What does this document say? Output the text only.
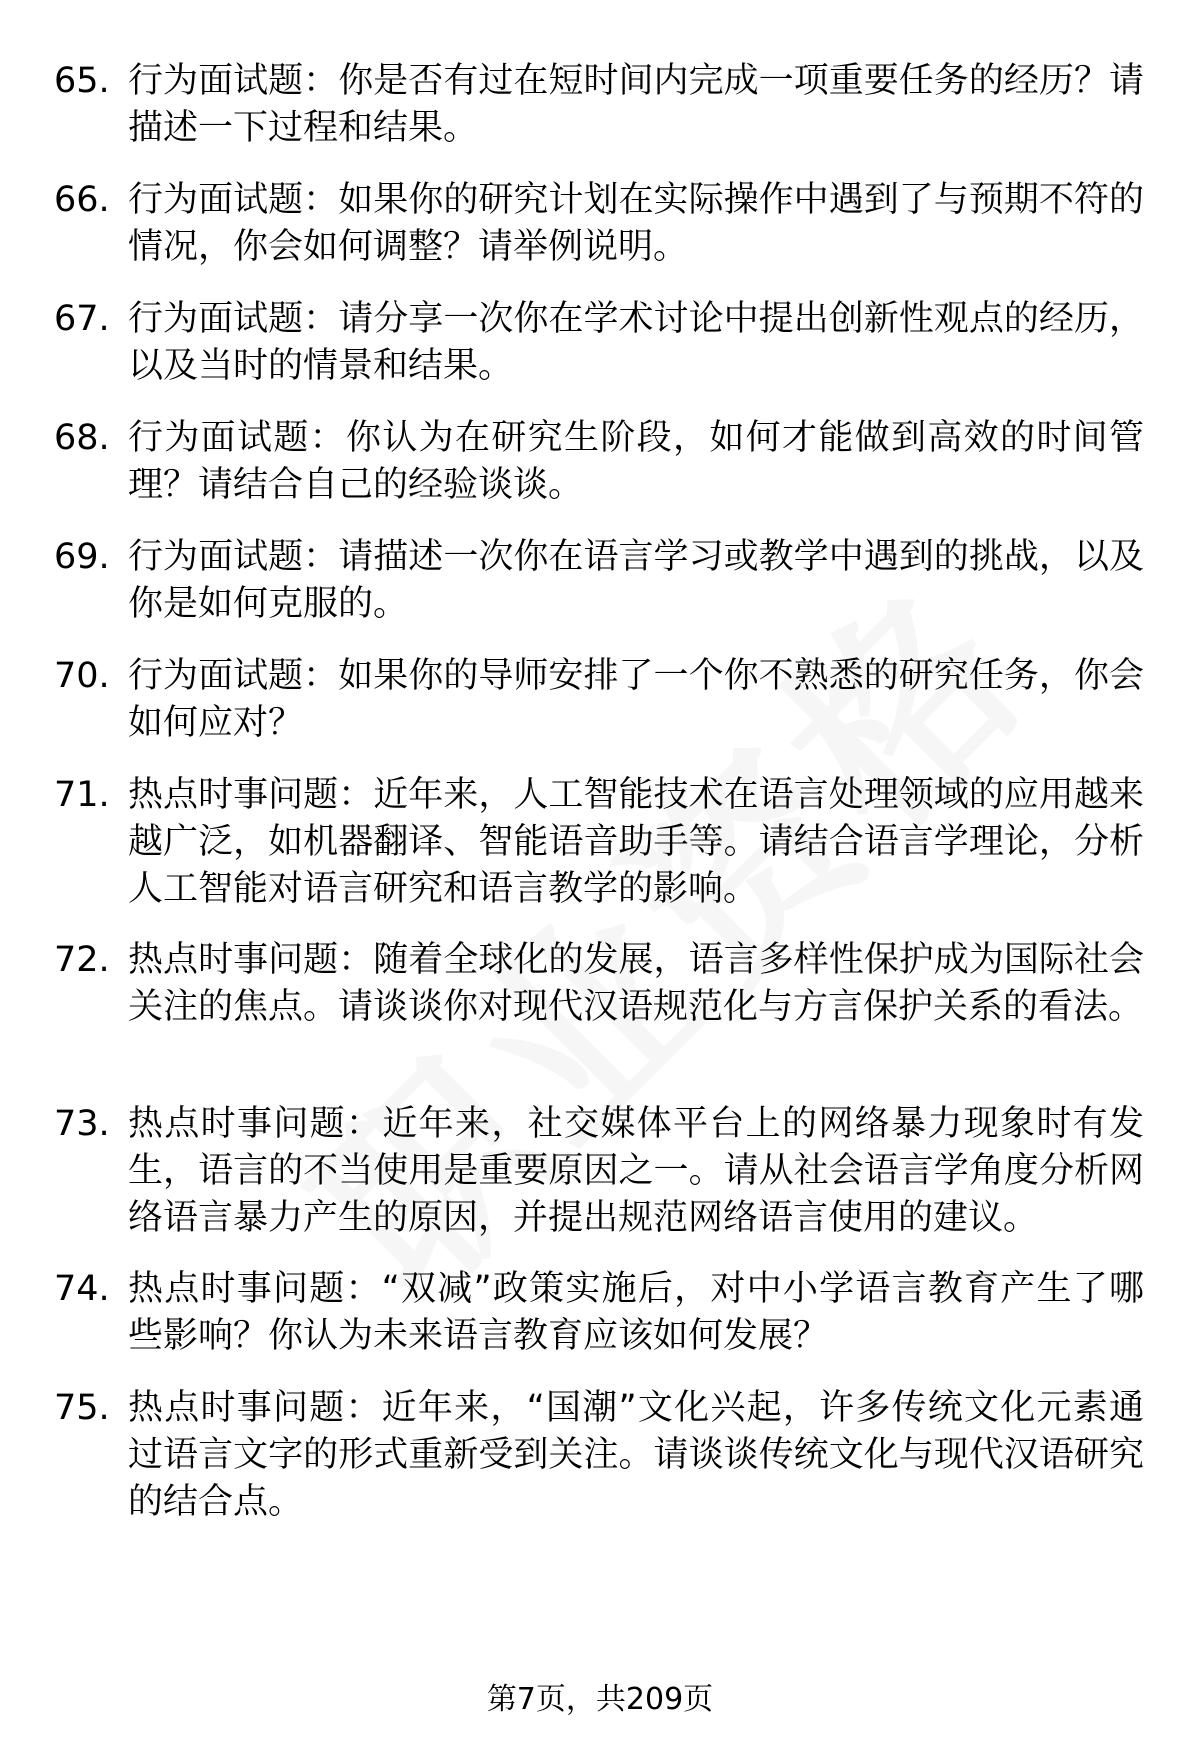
65. 行为面试题：你是否有过在短时间内完成一项重要任务的经历？请描述一下过程和结果。
66. 行为面试题：如果你的研究计划在实际操作中遇到了与预期不符的情况，你会如何调整？请举例说明。
67. 行为面试题：请分享一次你在学术讨论中提出创新性观点的经历，以及当时的情景和结果。
68. 行为面试题：你认为在研究生阶段，如何才能做到高效的时间管理？请结合自己的经验谈谈。
69. 行为面试题：请描述一次你在语言学习或教学中遇到的挑战，以及你是如何克服的。
70. 行为面试题：如果你的导师安排了一个你不熟悉的研究任务，你会如何应对？
71. 热点时事问题：近年来，人工智能技术在语言处理领域的应用越来越广泛，如机器翻译、智能语音助手等。请结合语言学理论，分析人工智能对语言研究和语言教学的影响。
72. 热点时事问题：随着全球化的发展，语言多样性保护成为国际社会关注的焦点。请谈谈你对现代汉语规范化与方言保护关系的看法。
73. 热点时事问题：近年来，社交媒体平台上的网络暴力现象时有发生，语言的不当使用是重要原因之一。请从社会语言学角度分析网络语言暴力产生的原因，并提出规范网络语言使用的建议。
74. 热点时事问题：“双减”政策实施后，对中小学语言教育产生了哪些影响？你认为未来语言教育应该如何发展？
75. 热点时事问题：近年来，“国潮”文化兴起，许多传统文化元素通过语言文字的形式重新受到关注。请谈谈传统文化与现代汉语研究的结合点。
第7页，共209页
